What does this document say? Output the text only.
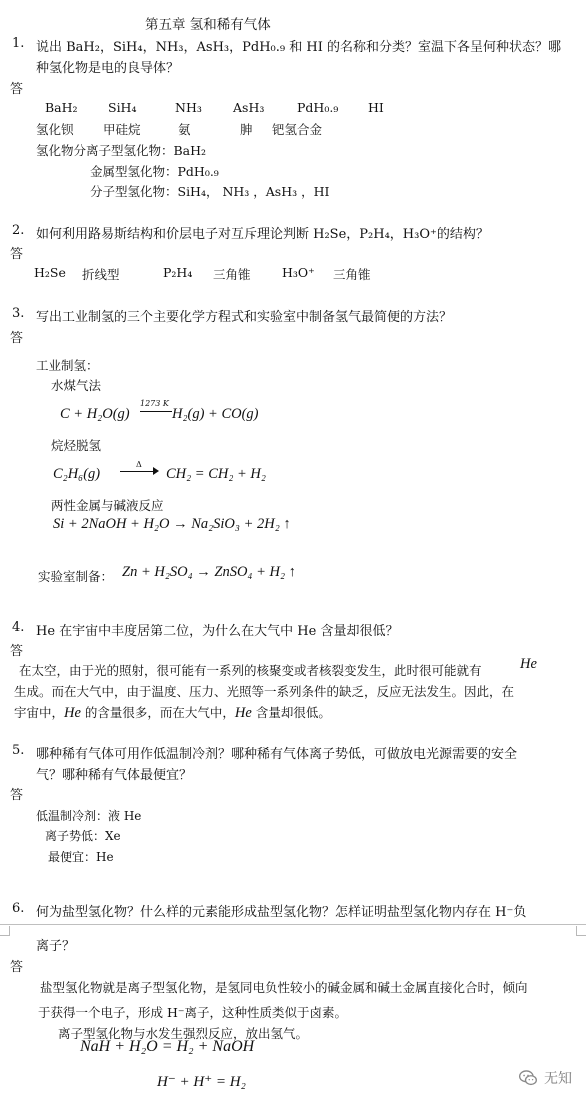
第五章 氢和稀有气体
1. 说出 BaH₂，SiH₄，NH₃，AsH₃，PdH₀.₉ 和 HI 的名称和分类？室温下各呈何种状态？哪
种氢化物是电的良导体？
答
BaH₂ SiH₄	NH₃ AsH₃	PdH₀.₉ HI
氢化钡 甲硅烷	氨	胂 钯氢合金
氢化物分离子型氢化物：BaH₂
金属型氢化物：PdH₀.₉
分子型氢化物：SiH₄， NH₃ ，AsH₃ ，HI
2. 如何利用路易斯结构和价层电子对互斥理论判断 H₂Se，P₂H₄，H₃O⁺的结构？
答
H₂Se 折线型	P₂H₄ 三角锥	H₃O⁺ 三角锥
3. 写出工业制氢的三个主要化学方程式和实验室中制备氢气最简便的方法？
答
工业制氢：
水煤气法
C + H₂O(g)
1273 K
H₂(g) + CO(g)
烷烃脱氢
C₂H₆(g)
Δ
CH₂ = CH₂ + H₂
两性金属与碱液反应
Si + 2NaOH + H₂O → Na₂SiO₃ + 2H₂ ↑
实验室制备： Zn + H₂SO₄ → ZnSO₄ + H₂ ↑
4. He 在宇宙中丰度居第二位，为什么在大气中 He 含量却很低？
答
在太空，由于光的照射，很可能有一系列的核聚变或者核裂变发生，此时很可能就有	He
生成。而在大气中，由于温度、压力、光照等一系列条件的缺乏，反应无法发生。因此，在
宇宙中，He 的含量很多，而在大气中，He 含量却很低。
5. 哪种稀有气体可用作低温制冷剂？哪种稀有气体离子势低，可做放电光源需要的安全
气？哪种稀有气体最便宜？
答
低温制冷剂：液 He
离子势低：Xe
最便宜：He
6. 何为盐型氢化物？什么样的元素能形成盐型氢化物？怎样证明盐型氢化物内存在 H⁻负
离子？
答
盐型氢化物就是离子型氢化物，是氢同电负性较小的碱金属和碱土金属直接化合时，倾向
于获得一个电子，形成 H⁻离子，这种性质类似于卤素。
离子型氢化物与水发生强烈反应，放出氢气。
NaH + H₂O = H₂ + NaOH
H⁻ + H⁺ = H₂	无知
